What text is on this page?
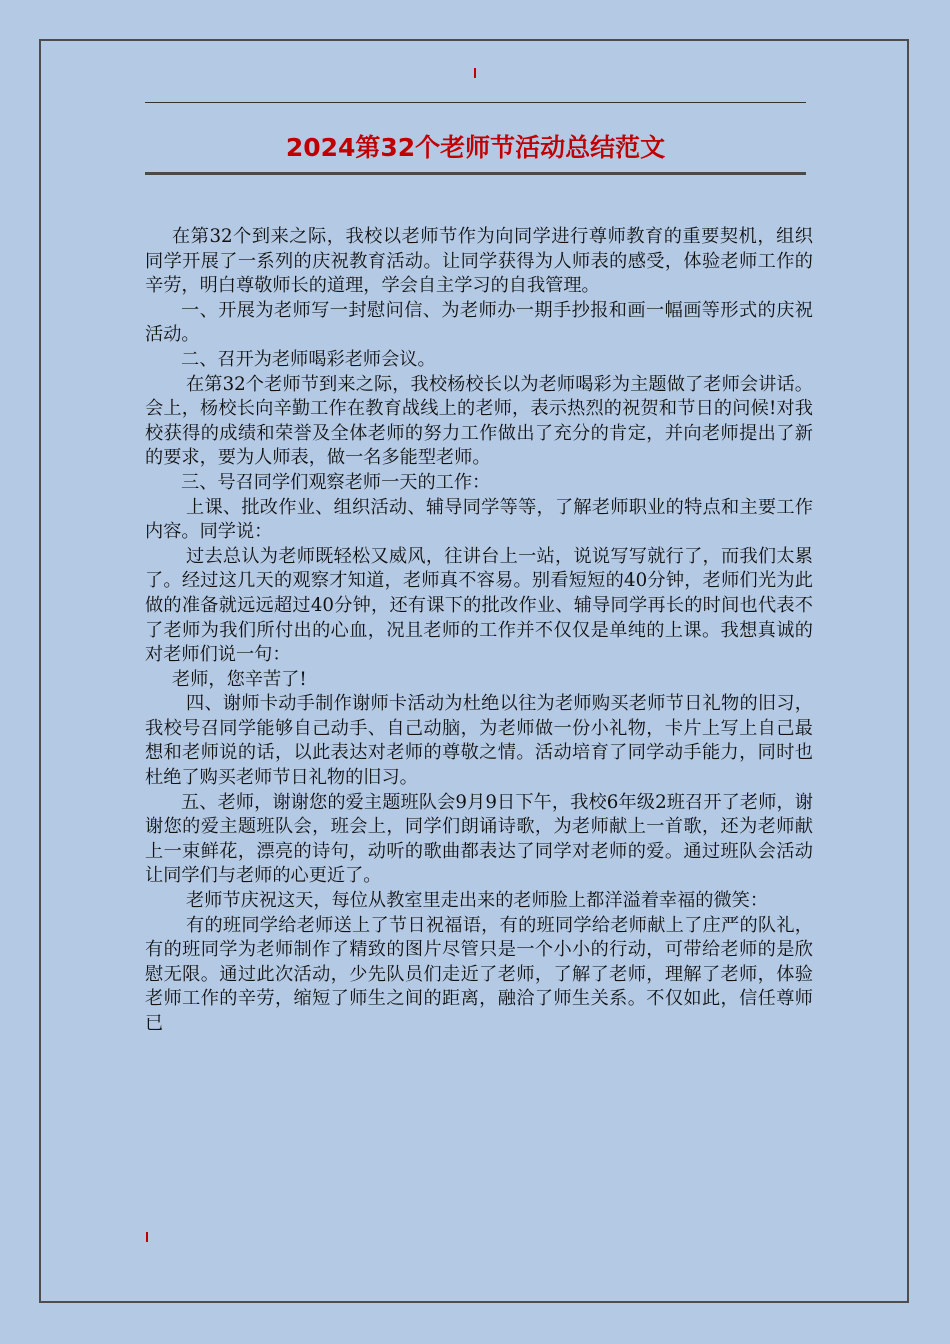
2024第32个老师节活动总结范文

在第32个到来之际，我校以老师节作为向同学进行尊师教育的重要契机，组织同学开展了一系列的庆祝教育活动。让同学获得为人师表的感受，体验老师工作的辛劳，明白尊敬师长的道理，学会自主学习的自我管理。

一、开展为老师写一封慰问信、为老师办一期手抄报和画一幅画等形式的庆祝活动。

二、召开为老师喝彩老师会议。

在第32个老师节到来之际，我校杨校长以为老师喝彩为主题做了老师会讲话。会上，杨校长向辛勤工作在教育战线上的老师，表示热烈的祝贺和节日的问候!对我校获得的成绩和荣誉及全体老师的努力工作做出了充分的肯定，并向老师提出了新的要求，要为人师表，做一名多能型老师。

三、号召同学们观察老师一天的工作：

上课、批改作业、组织活动、辅导同学等等，了解老师职业的特点和主要工作内容。同学说：

过去总认为老师既轻松又威风，往讲台上一站，说说写写就行了，而我们太累了。经过这几天的观察才知道，老师真不容易。别看短短的40分钟，老师们光为此做的准备就远远超过40分钟，还有课下的批改作业、辅导同学再长的时间也代表不了老师为我们所付出的心血，况且老师的工作并不仅仅是单纯的上课。我想真诚的对老师们说一句：

老师，您辛苦了!

四、谢师卡动手制作谢师卡活动为杜绝以往为老师购买老师节日礼物的旧习，我校号召同学能够自己动手、自己动脑，为老师做一份小礼物，卡片上写上自己最想和老师说的话，以此表达对老师的尊敬之情。活动培育了同学动手能力，同时也杜绝了购买老师节日礼物的旧习。

五、老师，谢谢您的爱主题班队会9月9日下午，我校6年级2班召开了老师，谢谢您的爱主题班队会，班会上，同学们朗诵诗歌，为老师献上一首歌，还为老师献上一束鲜花，漂亮的诗句，动听的歌曲都表达了同学对老师的爱。通过班队会活动让同学们与老师的心更近了。

老师节庆祝这天，每位从教室里走出来的老师脸上都洋溢着幸福的微笑：

有的班同学给老师送上了节日祝福语，有的班同学给老师献上了庄严的队礼，有的班同学为老师制作了精致的图片尽管只是一个小小的行动，可带给老师的是欣慰无限。通过此次活动，少先队员们走近了老师，了解了老师，理解了老师，体验老师工作的辛劳，缩短了师生之间的距离，融洽了师生关系。不仅如此，信任尊师已
